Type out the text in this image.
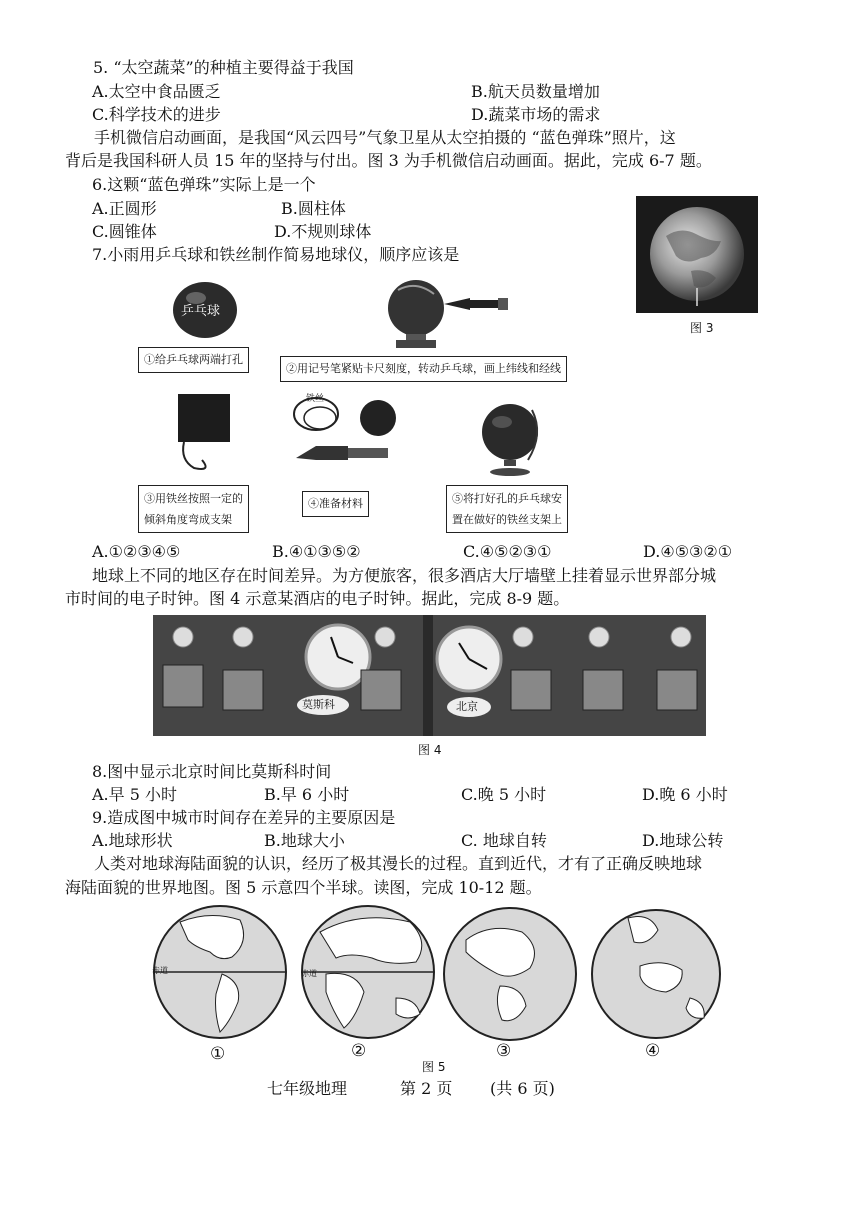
5. “太空蔬菜”的种植主要得益于我国
A.太空中食品匮乏	B.航天员数量增加
C.科学技术的进步	D.蔬菜市场的需求
手机微信启动画面，是我国“风云四号”气象卫星从太空拍摄的 “蓝色弹珠”照片，这
背后是我国科研人员 15 年的坚持与付出。图 3 为手机微信启动画面。据此，完成 6-7 题。
6.这颗“蓝色弹珠”实际上是一个
A.正圆形	B.圆柱体
C.圆锥体	D.不规则球体
图 3
7.小雨用乒乓球和铁丝制作简易地球仪，顺序应该是
乒乓球
①给乒乓球两端打孔
②用记号笔紧贴卡尺刻度，转动乒乓球，画上纬线和经线
铁丝
③用铁丝按照一定的
倾斜角度弯成支架
④准备材料	⑤将打好孔的乒乓球安
置在做好的铁丝支架上
A.①②③④⑤	B.④①③⑤②	C.④⑤②③①	D.④⑤③②①
地球上不同的地区存在时间差异。为方便旅客，很多酒店大厅墙壁上挂着显示世界部分城
市时间的电子时钟。图 4 示意某酒店的电子时钟。据此，完成 8-9 题。
莫斯科	北京
图 4
8.图中显示北京时间比莫斯科时间
A.早 5 小时	B.早 6 小时	C.晚 5 小时	D.晚 6 小时
9.造成图中城市时间存在差异的主要原因是
A.地球形状	B.地球大小	C. 地球自转	D.地球公转
人类对地球海陆面貌的认识，经历了极其漫长的过程。直到近代，才有了正确反映地球
海陆面貌的世界地图。图 5 示意四个半球。读图，完成 10-12 题。
赤道	赤道
①	②	③	④
图 5
七年级地理	第 2 页 (共 6 页)
